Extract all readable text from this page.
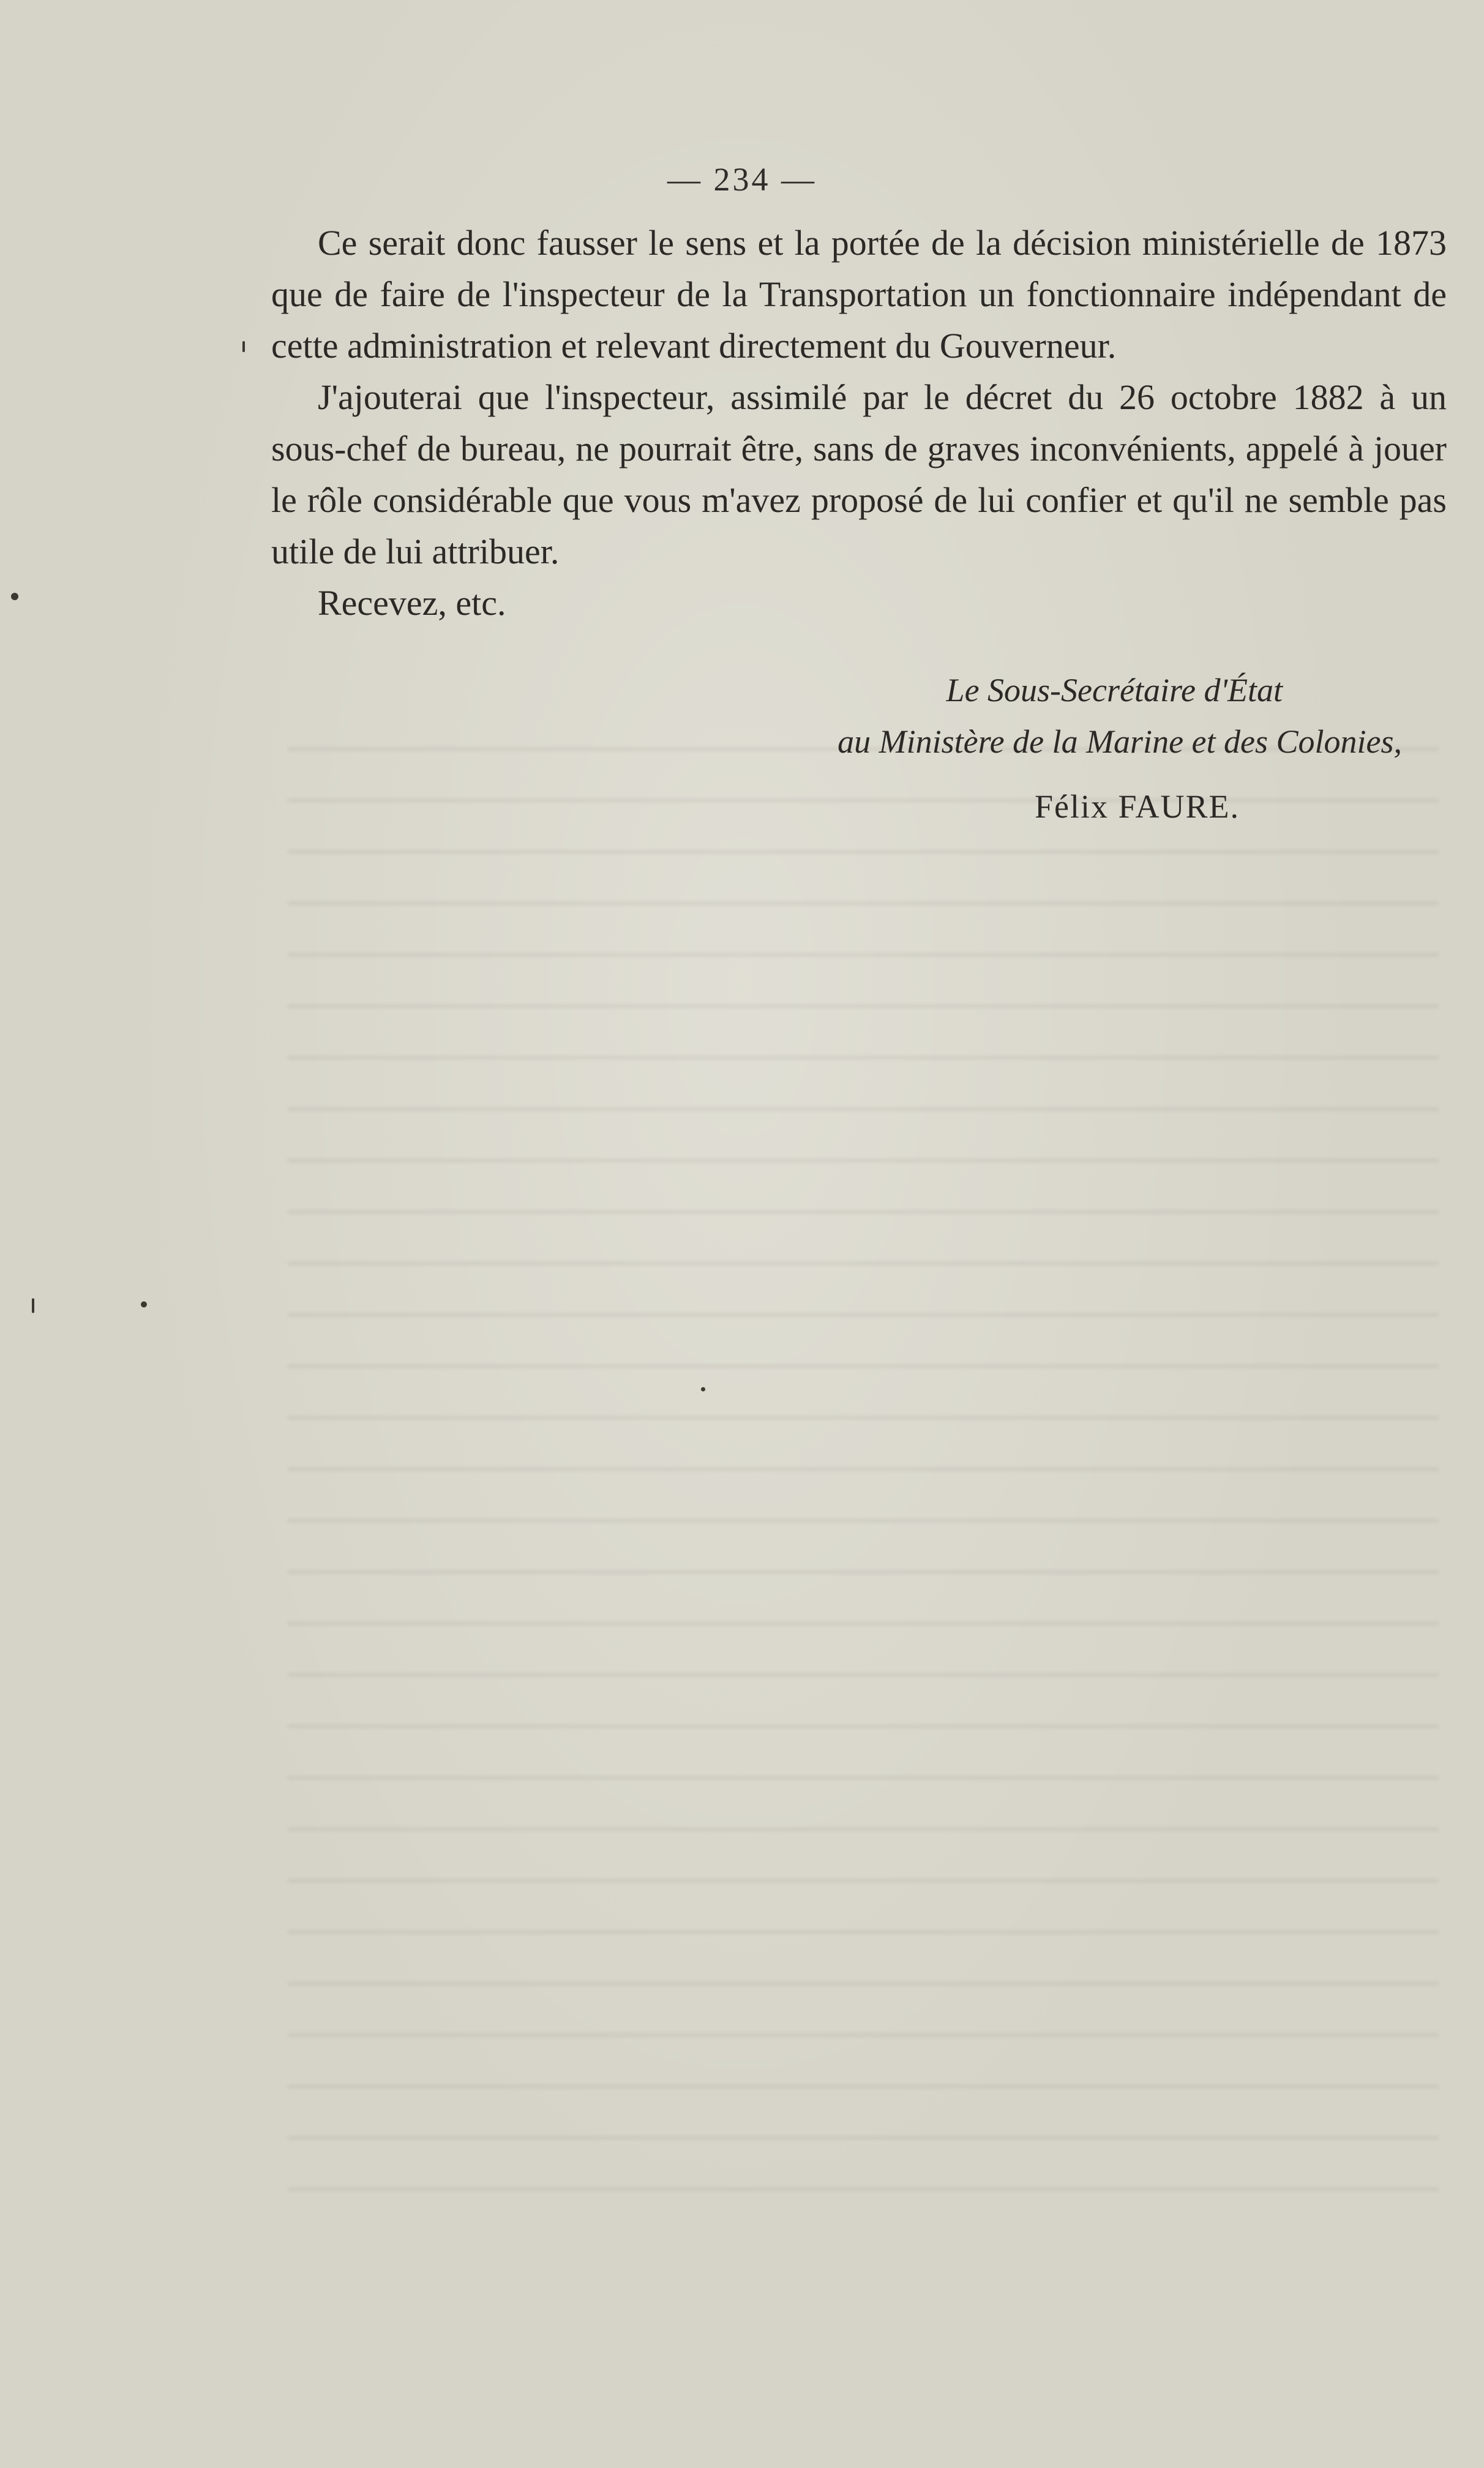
— 234 —

Ce serait donc fausser le sens et la portée de la décision ministérielle de 1873 que de faire de l'inspecteur de la Transportation un fonctionnaire indépendant de cette administration et relevant directement du Gouverneur.

J'ajouterai que l'inspecteur, assimilé par le décret du 26 octobre 1882 à un sous-chef de bureau, ne pourrait être, sans de graves inconvénients, appelé à jouer le rôle considérable que vous m'avez proposé de lui confier et qu'il ne semble pas utile de lui attribuer.

Recevez, etc.

Le Sous-Secrétaire d'État
au Ministère de la Marine et des Colonies,
Félix FAURE.
